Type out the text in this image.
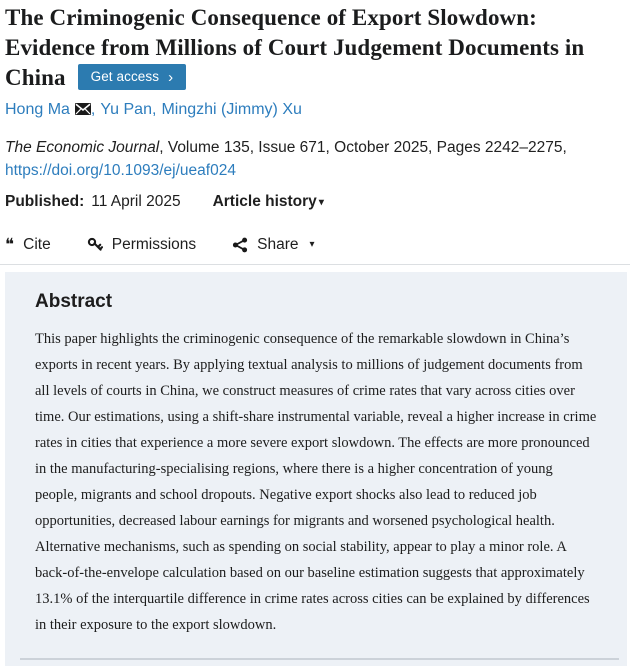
The Criminogenic Consequence of Export Slowdown: Evidence from Millions of Court Judgement Documents in China Get access ›
Hong Ma , Yu Pan, Mingzhi (Jimmy) Xu

The Economic Journal, Volume 135, Issue 671, October 2025, Pages 2242–2275,

https://doi.org/10.1093/ej/ueaf024

Published: 11 April 2025 Article history ▾

❝ Cite	Permissions	Share ▾
Abstract

This paper highlights the criminogenic consequence of the remarkable slowdown in China’s exports in recent years. By applying textual analysis to millions of judgement documents from all levels of courts in China, we construct measures of crime rates that vary across cities over time. Our estimations, using a shift-share instrumental variable, reveal a higher increase in crime rates in cities that experience a more severe export slowdown. The effects are more pronounced in the manufacturing-specialising regions, where there is a higher concentration of young people, migrants and school dropouts. Negative export shocks also lead to reduced job opportunities, decreased labour earnings for migrants and worsened psychological health. Alternative mechanisms, such as spending on social stability, appear to play a minor role. A back-of-the-envelope calculation based on our baseline estimation suggests that approximately 13.1% of the interquartile difference in crime rates across cities can be explained by differences in their exposure to the export slowdown.
